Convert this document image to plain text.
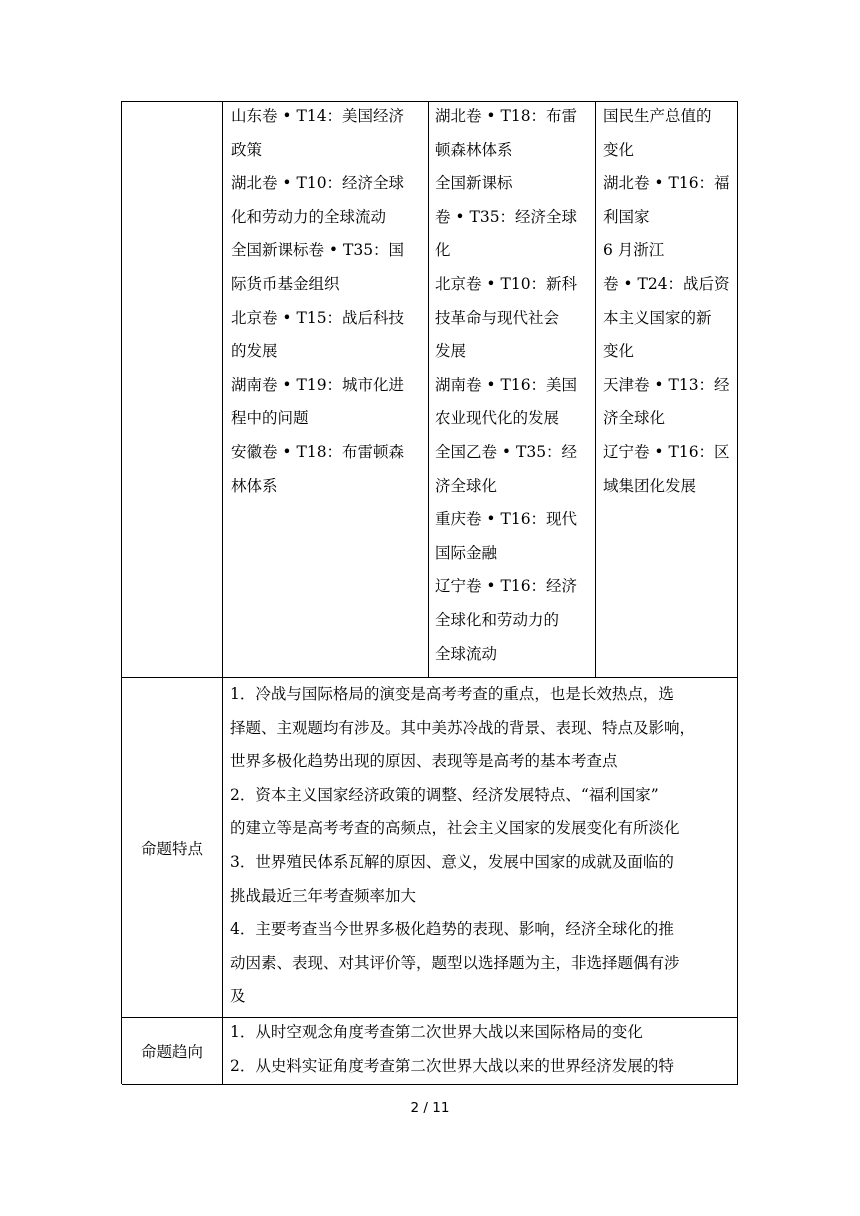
山东卷 • T14：美国经济
政策
湖北卷 • T10：经济全球
化和劳动力的全球流动
全国新课标卷 • T35：国
际货币基金组织
北京卷 • T15：战后科技
的发展
湖南卷 • T19：城市化进
程中的问题
安徽卷 • T18：布雷顿森
林体系
湖北卷 • T18：布雷
顿森林体系
全国新课标
卷 • T35：经济全球
化
北京卷 • T10：新科
技革命与现代社会
发展
湖南卷 • T16：美国
农业现代化的发展
全国乙卷 • T35：经
济全球化
重庆卷 • T16：现代
国际金融
辽宁卷 • T16：经济
全球化和劳动力的
全球流动
国民生产总值的
变化
湖北卷 • T16：福
利国家
6 月浙江
卷 • T24：战后资
本主义国家的新
变化
天津卷 • T13：经
济全球化
辽宁卷 • T16：区
域集团化发展
命题特点
1．冷战与国际格局的演变是高考考查的重点，也是长效热点，选
择题、主观题均有涉及。其中美苏冷战的背景、表现、特点及影响，
世界多极化趋势出现的原因、表现等是高考的基本考查点
2．资本主义国家经济政策的调整、经济发展特点、“福利国家”
的建立等是高考考查的高频点，社会主义国家的发展变化有所淡化
3．世界殖民体系瓦解的原因、意义，发展中国家的成就及面临的
挑战最近三年考查频率加大
4．主要考查当今世界多极化趋势的表现、影响，经济全球化的推
动因素、表现、对其评价等，题型以选择题为主，非选择题偶有涉
及
命题趋向
1．从时空观念角度考查第二次世界大战以来国际格局的变化
2．从史料实证角度考查第二次世界大战以来的世界经济发展的特
2 / 11
